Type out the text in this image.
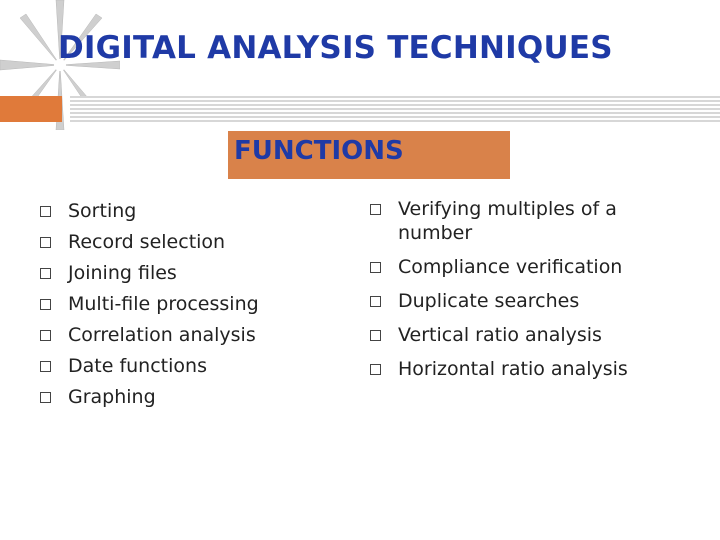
DIGITAL ANALYSIS TECHNIQUES
FUNCTIONS
Sorting
Record selection
Joining files
Multi-file processing
Correlation analysis
Date functions
Graphing
Verifying multiples of a number
Compliance verification
Duplicate searches
Vertical ratio analysis
Horizontal ratio analysis
